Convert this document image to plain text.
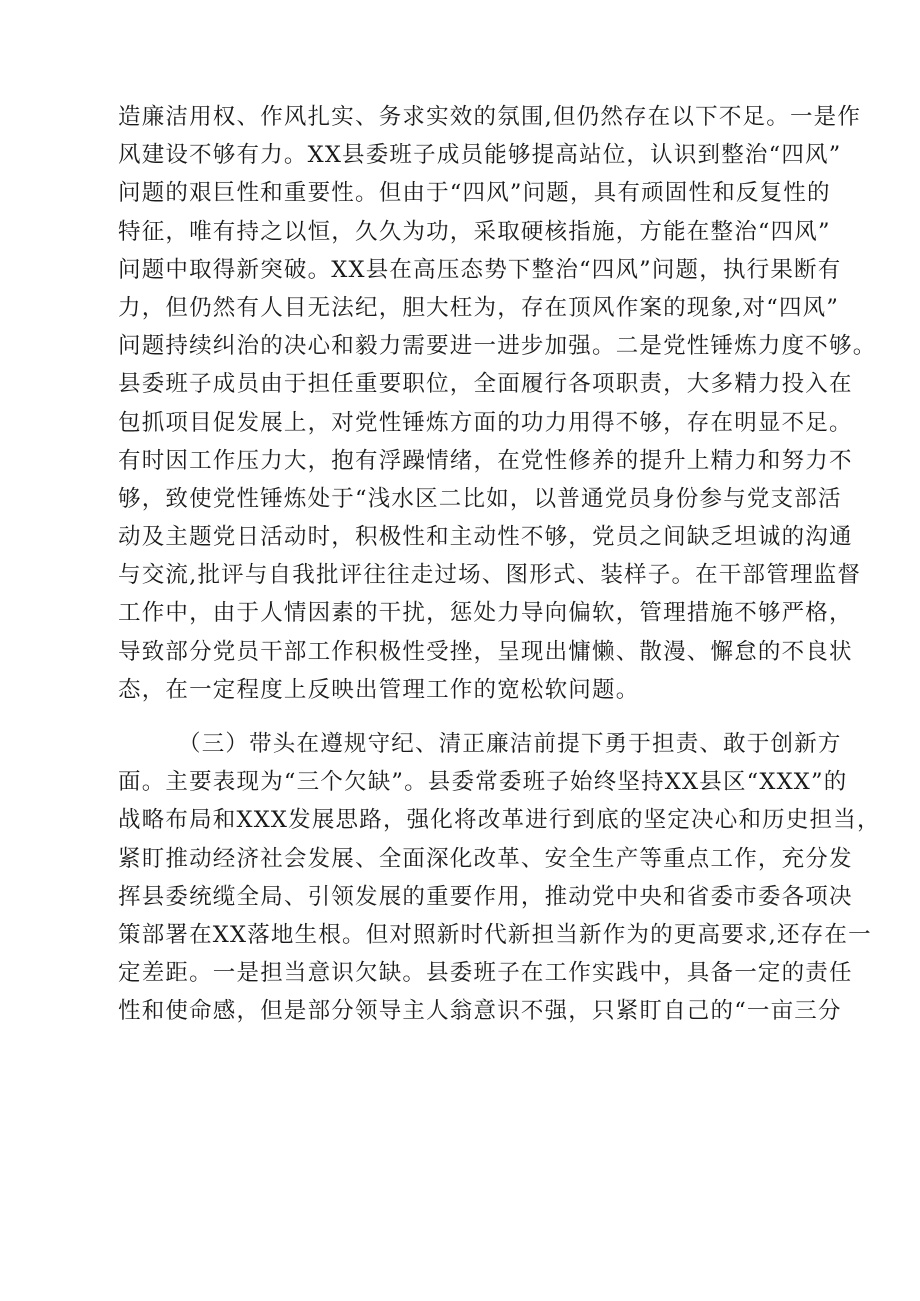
造廉洁用权、作风扎实、务求实效的氛围,但仍然存在以下不足。一是作
风建设不够有力。XX县委班子成员能够提高站位，认识到整治“四风”
问题的艰巨性和重要性。但由于“四风”问题，具有顽固性和反复性的
特征，唯有持之以恒，久久为功，采取硬核指施，方能在整治“四风”
问题中取得新突破。XX县在高压态势下整治“四风”问题，执行果断有
力，但仍然有人目无法纪，胆大枉为，存在顶风作案的现象,对“四风”
问题持续纠治的决心和毅力需要进一进步加强。二是党性锤炼力度不够。
县委班子成员由于担任重要职位，全面履行各项职责，大多精力投入在
包抓项目促发展上，对党性锤炼方面的功力用得不够，存在明显不足。
有时因工作压力大，抱有浮躁情绪，在党性修养的提升上精力和努力不
够，致使党性锤炼处于“浅水区二比如，以普通党员身份参与党支部活
动及主题党日活动时，积极性和主动性不够，党员之间缺乏坦诚的沟通
与交流,批评与自我批评往往走过场、图形式、装样子。在干部管理监督
工作中，由于人情因素的干扰，惩处力导向偏软，管理措施不够严格，
导致部分党员干部工作积极性受挫，呈现出慵懒、散漫、懈怠的不良状
态，在一定程度上反映出管理工作的宽松软问题。
（三）带头在遵规守纪、清正廉洁前提下勇于担责、敢于创新方
面。主要表现为“三个欠缺”。县委常委班子始终坚持XX县区“XXX”的
战略布局和XXX发展思路，强化将改革进行到底的坚定决心和历史担当，
紧盯推动经济社会发展、全面深化改革、安全生产等重点工作，充分发
挥县委统缆全局、引领发展的重要作用，推动党中央和省委市委各项决
策部署在XX落地生根。但对照新时代新担当新作为的更高要求,还存在一
定差距。一是担当意识欠缺。县委班子在工作实践中，具备一定的责任
性和使命感，但是部分领导主人翁意识不强，只紧盯自己的“一亩三分
